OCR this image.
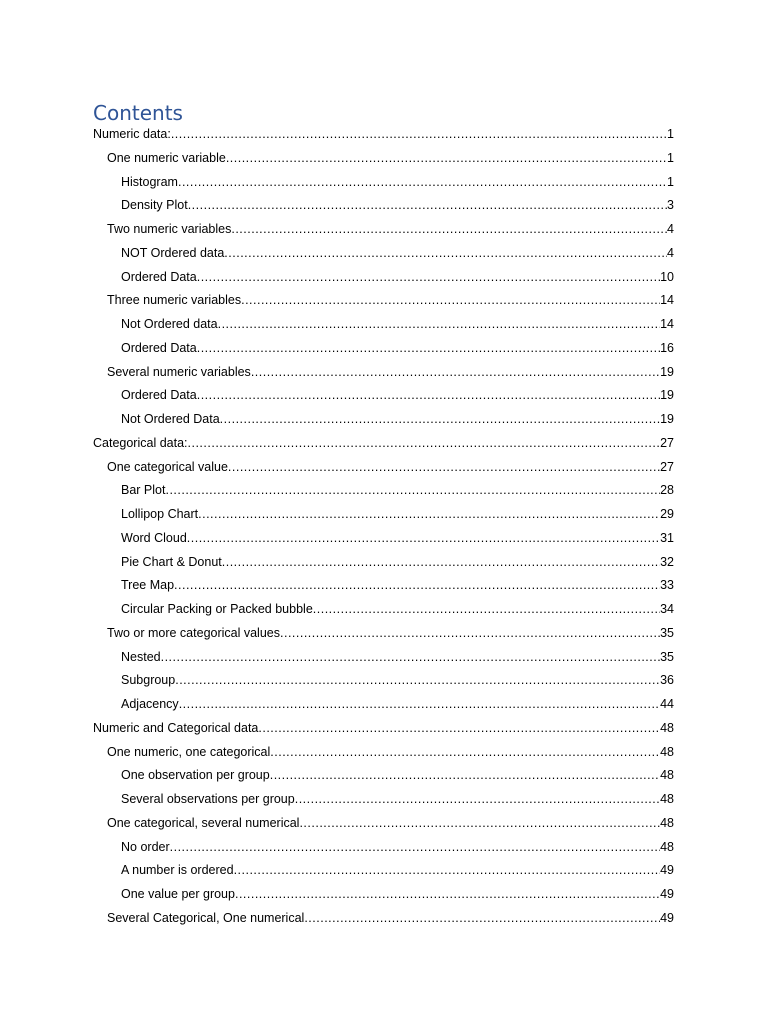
Contents
Numeric data: .....	1
One numeric variable .....	1
Histogram .....	1
Density Plot .....	3
Two numeric variables .....	4
NOT Ordered data .....	4
Ordered Data .....	10
Three numeric variables .....	14
Not Ordered data .....	14
Ordered Data .....	16
Several numeric variables .....	19
Ordered Data .....	19
Not Ordered Data .....	19
Categorical data: .....	27
One categorical value .....	27
Bar Plot .....	28
Lollipop Chart .....	29
Word Cloud .....	31
Pie Chart & Donut .....	32
Tree Map .....	33
Circular Packing or Packed bubble .....	34
Two or more categorical values .....	35
Nested .....	35
Subgroup .....	36
Adjacency .....	44
Numeric and Categorical data .....	48
One numeric, one categorical .....	48
One observation per group .....	48
Several observations per group .....	48
One categorical, several numerical .....	48
No order .....	48
A number is ordered .....	49
One value per group .....	49
Several Categorical, One numerical .....	49
